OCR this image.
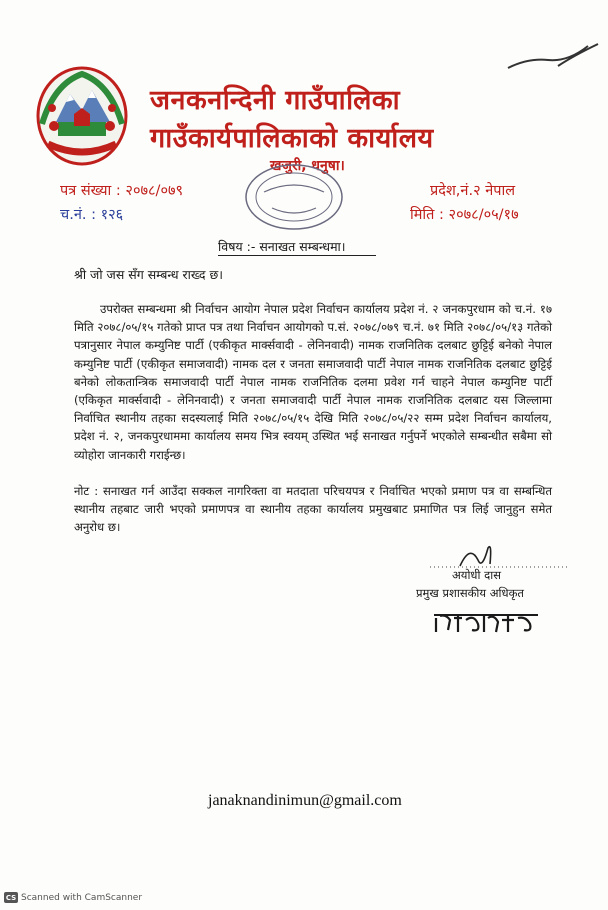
जनकनन्दिनी गाउँपालिका
गाउँकार्यपालिकाको कार्यालय
खजुरी, धनुषा।
पत्र संख्या : २०७८/०७९
च.नं. : १२६
प्रदेश,नं.२ नेपाल
मिति : २०७८/०५/१७
विषय :- सनाखत सम्बन्धमा।
श्री जो जस सँग सम्बन्ध राख्द छ।
उपरोक्त सम्बन्धमा श्री निर्वाचन आयोग नेपाल प्रदेश निर्वाचन कार्यालय प्रदेश नं. २ जनकपुरधाम को च.नं. १७ मिति २०७८/०५/१५ गतेको प्राप्त पत्र तथा निर्वाचन आयोगको प.सं. २०७८/०७९ च.नं. ७१ मिति २०७८/०५/१३ गतेको पत्रानुसार नेपाल कम्युनिष्ट पार्टी (एकीकृत मार्क्सवादी - लेनिनवादी) नामक राजनितिक दलबाट छुट्टिई बनेको नेपाल कम्युनिष्ट पार्टी (एकीकृत समाजवादी) नामक दल र जनता समाजवादी पार्टी नेपाल नामक राजनितिक दलबाट छुट्टिई बनेको लोकतान्त्रिक समाजवादी पार्टी नेपाल नामक राजनितिक दलमा प्रवेश गर्न चाहने नेपाल कम्युनिष्ट पार्टी (एकिकृत मार्क्सवादी - लेनिनवादी) र जनता समाजवादी पार्टी नेपाल नामक राजनितिक दलबाट यस जिल्लामा निर्वाचित स्थानीय तहका सदस्यलाई मिति २०७८/०५/१५ देखि मिति २०७८/०५/२२ सम्म प्रदेश निर्वाचन कार्यालय, प्रदेश नं. २, जनकपुरधाममा कार्यालय समय भित्र स्वयम् उस्थित भई सनाखत गर्नुपर्ने भएकोले सम्बन्धीत सबैमा सो व्योहोरा जानकारी गराईन्छ।
नोट : सनाखत गर्न आउँदा सक्कल नागरिक्ता वा मतदाता परिचयपत्र र निर्वाचित भएको प्रमाण पत्र वा सम्बन्धित स्थानीय तहबाट जारी भएको प्रमाणपत्र वा स्थानीय तहका कार्यालय प्रमुखबाट प्रमाणित पत्र लिई जानुहुन समेत अनुरोध छ।
अयोधी दास
प्रमुख प्रशासकीय अधिकृत
janaknandinimun@gmail.com
CS Scanned with CamScanner
